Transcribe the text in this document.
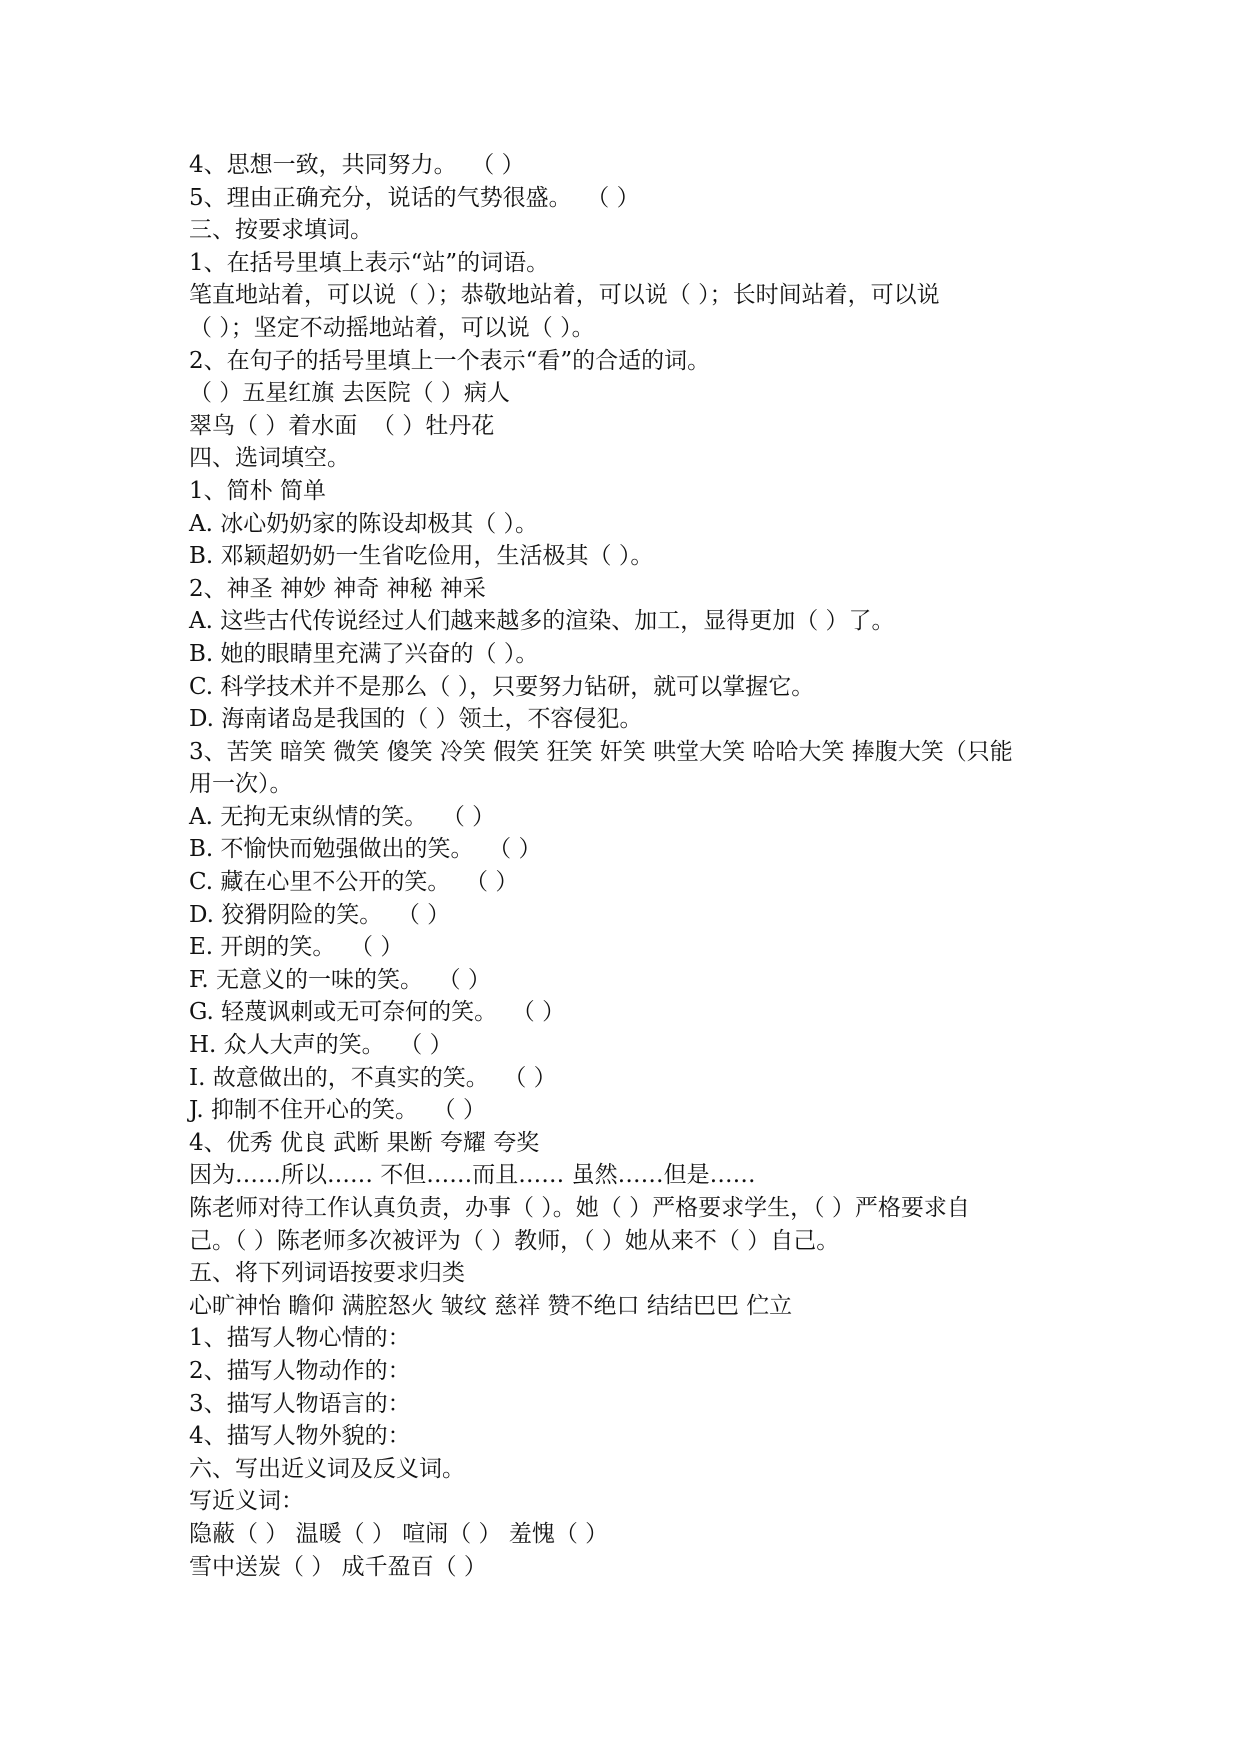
4、思想一致，共同努力。  （ ）
5、理由正确充分，说话的气势很盛。  （ ）
三、按要求填词。
1、在括号里填上表示“站”的词语。
笔直地站着，可以说（ ）；恭敬地站着，可以说（ ）；长时间站着，可以说
（ ）；坚定不动摇地站着，可以说（ ）。
2、在句子的括号里填上一个表示“看”的合适的词。
（ ）五星红旗 去医院（ ）病人
翠鸟（ ）着水面  （ ）牡丹花
四、选词填空。
1、简朴 简单
A. 冰心奶奶家的陈设却极其（ ）。
B. 邓颖超奶奶一生省吃俭用，生活极其（ ）。
2、神圣 神妙 神奇 神秘 神采
A. 这些古代传说经过人们越来越多的渲染、加工，显得更加（ ）了。
B. 她的眼睛里充满了兴奋的（ ）。
C. 科学技术并不是那么（ ），只要努力钻研，就可以掌握它。
D. 海南诸岛是我国的（ ）领土，不容侵犯。
3、苦笑 暗笑 微笑 傻笑 冷笑 假笑 狂笑 奸笑 哄堂大笑 哈哈大笑 捧腹大笑（只能
用一次）。
A. 无拘无束纵情的笑。  （ ）
B. 不愉快而勉强做出的笑。  （ ）
C. 藏在心里不公开的笑。  （ ）
D. 狡猾阴险的笑。  （ ）
E. 开朗的笑。  （ ）
F. 无意义的一味的笑。  （ ）
G. 轻蔑讽刺或无可奈何的笑。  （ ）
H. 众人大声的笑。  （ ）
I. 故意做出的，不真实的笑。  （ ）
J. 抑制不住开心的笑。  （ ）
4、优秀 优良 武断 果断 夸耀 夸奖
因为……所以…… 不但……而且…… 虽然……但是……
陈老师对待工作认真负责，办事（ ）。她（ ）严格要求学生，（ ）严格要求自
己。（ ）陈老师多次被评为（ ）教师，（ ）她从来不（ ）自己。
五、将下列词语按要求归类
心旷神怡 瞻仰 满腔怒火 皱纹 慈祥 赞不绝口 结结巴巴 伫立
1、描写人物心情的：
2、描写人物动作的：
3、描写人物语言的：
4、描写人物外貌的：
六、写出近义词及反义词。
写近义词：
隐蔽（ ） 温暖（ ） 喧闹（ ） 羞愧（ ）
雪中送炭（ ） 成千盈百（ ）
